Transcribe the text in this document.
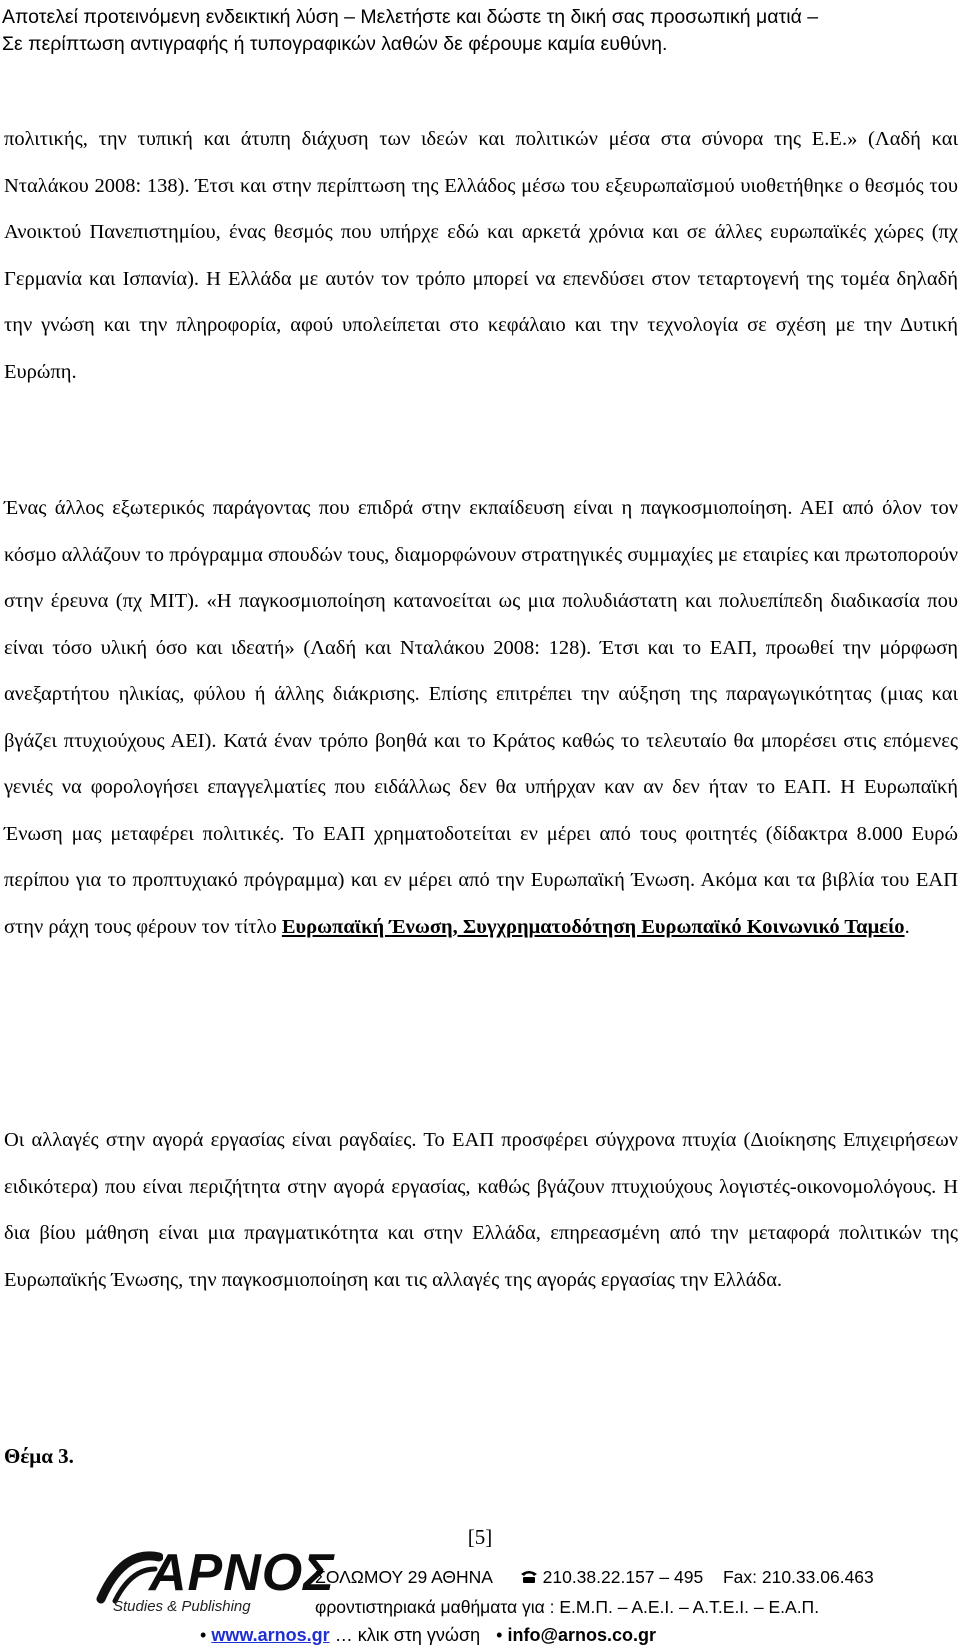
Αποτελεί προτεινόμενη ενδεικτική λύση – Μελετήστε και δώστε τη δική σας προσωπική ματιά –
Σε περίπτωση αντιγραφής ή τυπογραφικών λαθών δε φέρουμε καμία ευθύνη.
πολιτικής, την τυπική και άτυπη διάχυση των ιδεών και πολιτικών μέσα στα σύνορα της Ε.Ε.» (Λαδή και Νταλάκου 2008: 138). Έτσι και στην περίπτωση της Ελλάδος μέσω του εξευρωπαϊσμού υιοθετήθηκε ο θεσμός του Ανοικτού Πανεπιστημίου, ένας θεσμός που υπήρχε εδώ και αρκετά χρόνια και σε άλλες ευρωπαϊκές χώρες (πχ Γερμανία και Ισπανία). Η Ελλάδα με αυτόν τον τρόπο μπορεί να επενδύσει στον τεταρτογενή της τομέα δηλαδή την γνώση και την πληροφορία, αφού υπολείπεται στο κεφάλαιο και την τεχνολογία σε σχέση με την Δυτική Ευρώπη.
Ένας άλλος εξωτερικός παράγοντας που επιδρά στην εκπαίδευση είναι η παγκοσμιοποίηση. ΑΕΙ από όλον τον κόσμο αλλάζουν το πρόγραμμα σπουδών τους, διαμορφώνουν στρατηγικές συμμαχίες με εταιρίες και πρωτοπορούν στην έρευνα (πχ MIT). «Η παγκοσμιοποίηση κατανοείται ως μια πολυδιάστατη και πολυεπίπεδη διαδικασία που είναι τόσο υλική όσο και ιδεατή» (Λαδή και Νταλάκου 2008: 128). Έτσι και το ΕΑΠ, προωθεί την μόρφωση ανεξαρτήτου ηλικίας, φύλου ή άλλης διάκρισης. Επίσης επιτρέπει την αύξηση της παραγωγικότητας (μιας και βγάζει πτυχιούχους ΑΕΙ). Κατά έναν τρόπο βοηθά και το Κράτος καθώς το τελευταίο θα μπορέσει στις επόμενες γενιές να φορολογήσει επαγγελματίες που ειδάλλως δεν θα υπήρχαν καν αν δεν ήταν το ΕΑΠ. Η Ευρωπαϊκή Ένωση μας μεταφέρει πολιτικές. Το ΕΑΠ χρηματοδοτείται εν μέρει από τους φοιτητές (δίδακτρα 8.000 Ευρώ περίπου για το προπτυχιακό πρόγραμμα) και εν μέρει από την Ευρωπαϊκή Ένωση. Ακόμα και τα βιβλία του ΕΑΠ στην ράχη τους φέρουν τον τίτλο Ευρωπαϊκή Ένωση, Συγχρηματοδότηση Ευρωπαϊκό Κοινωνικό Ταμείο.
Οι αλλαγές στην αγορά εργασίας είναι ραγδαίες. Το ΕΑΠ προσφέρει σύγχρονα πτυχία (Διοίκησης Επιχειρήσεων ειδικότερα) που είναι περιζήτητα στην αγορά εργασίας, καθώς βγάζουν πτυχιούχους λογιστές-οικονομολόγους. Η δια βίου μάθηση είναι μια πραγματικότητα και στην Ελλάδα, επηρεασμένη από την μεταφορά πολιτικών της Ευρωπαϊκής Ένωσης, την παγκοσμιοποίηση και τις αλλαγές της αγοράς εργασίας την Ελλάδα.
Θέμα 3.
[5]
ΑΡΝΟΣ
Studies & Publishing
ΣΟΛΩΜΟΥ 29 ΑΘΗΝΑ	210.38.22.157 – 495 Fax: 210.33.06.463
φροντιστηριακά μαθήματα για : Ε.Μ.Π. – Α.Ε.Ι. – Α.Τ.Ε.Ι. – Ε.Α.Π.
• www.arnos.gr … κλικ στη γνώση • info@arnos.co.gr
